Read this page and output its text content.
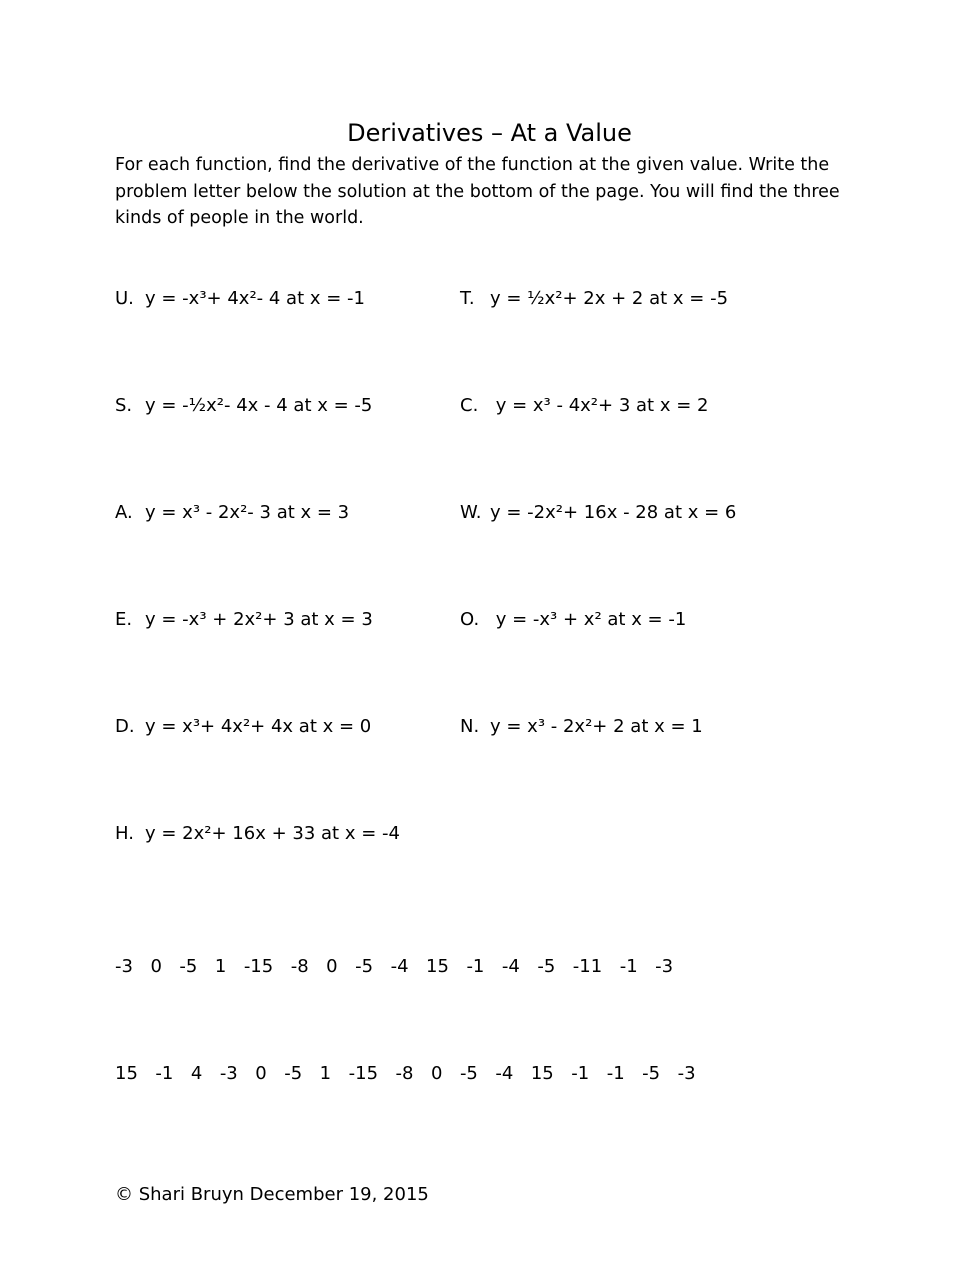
Derivatives – At a Value

For each function, find the derivative of the function at the given value. Write the problem letter below the solution at the bottom of the page. You will find the three kinds of people in the world.

U. y = -x³+ 4x²- 4 at x = -1	T. y = ½x²+ 2x + 2 at x = -5
S. y = -½x²- 4x - 4 at x = -5	C. y = x³ - 4x²+ 3 at x = 2
A. y = x³ - 2x²- 3 at x = 3	W. y = -2x²+ 16x - 28 at x = 6
E. y = -x³ + 2x²+ 3 at x = 3	O. y = -x³ + x² at x = -1
D. y = x³+ 4x²+ 4x at x = 0	N. y = x³ - 2x²+ 2 at x = 1
H. y = 2x²+ 16x + 33 at x = -4
-3 0 -5 1 -15 -8 0 -5 -4 15 -1 -4 -5 -11 -1 -3
15 -1 4 -3 0 -5 1 -15 -8 0 -5 -4 15 -1 -1 -5 -3
© Shari Bruyn December 19, 2015
